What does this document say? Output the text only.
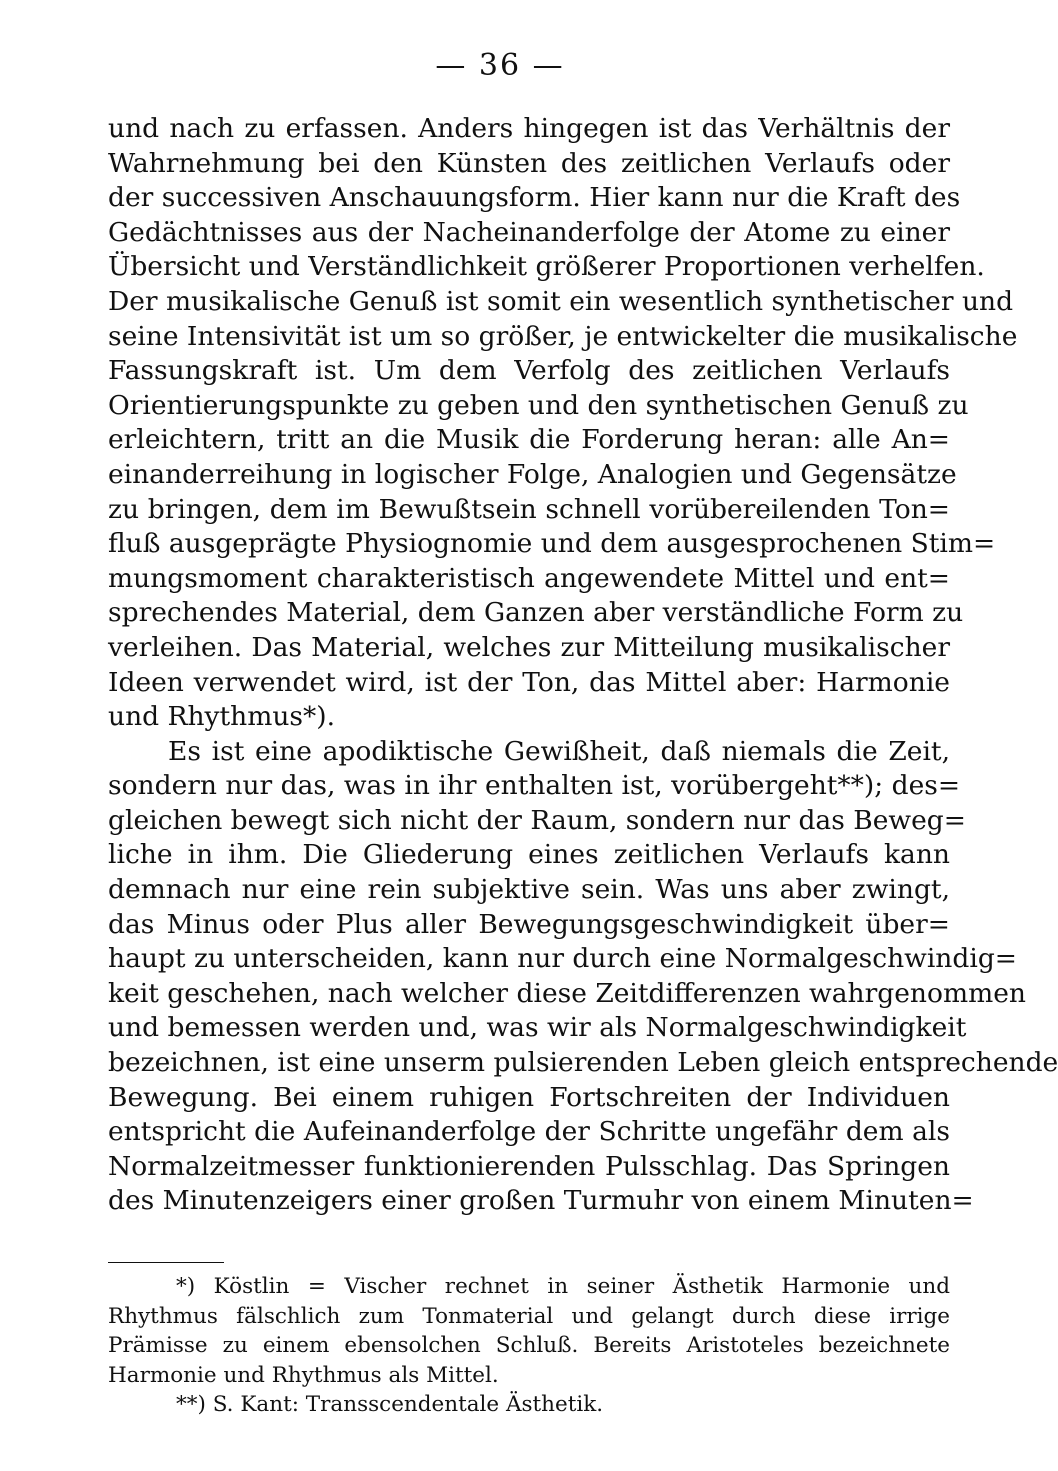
— 36 —
und nach zu erfassen. Anders hingegen ist das Verhältnis der
Wahrnehmung bei den Künsten des zeitlichen Verlaufs oder
der successiven Anschauungsform. Hier kann nur die Kraft des
Gedächtnisses aus der Nacheinanderfolge der Atome zu einer
Übersicht und Verständlichkeit größerer Proportionen verhelfen.
Der musikalische Genuß ist somit ein wesentlich synthetischer und
seine Intensivität ist um so größer, je entwickelter die musikalische
Fassungskraft ist. Um dem Verfolg des zeitlichen Verlaufs
Orientierungspunkte zu geben und den synthetischen Genuß zu
erleichtern, tritt an die Musik die Forderung heran: alle An=
einanderreihung in logischer Folge, Analogien und Gegensätze
zu bringen, dem im Bewußtsein schnell vorübereilenden Ton=
fluß ausgeprägte Physiognomie und dem ausgesprochenen Stim=
mungsmoment charakteristisch angewendete Mittel und ent=
sprechendes Material, dem Ganzen aber verständliche Form zu
verleihen. Das Material, welches zur Mitteilung musikalischer
Ideen verwendet wird, ist der Ton, das Mittel aber: Harmonie
und Rhythmus*).
Es ist eine apodiktische Gewißheit, daß niemals die Zeit,
sondern nur das, was in ihr enthalten ist, vorübergeht**); des=
gleichen bewegt sich nicht der Raum, sondern nur das Beweg=
liche in ihm. Die Gliederung eines zeitlichen Verlaufs kann
demnach nur eine rein subjektive sein. Was uns aber zwingt,
das Minus oder Plus aller Bewegungsgeschwindigkeit über=
haupt zu unterscheiden, kann nur durch eine Normalgeschwindig=
keit geschehen, nach welcher diese Zeitdifferenzen wahrgenommen
und bemessen werden und, was wir als Normalgeschwindigkeit
bezeichnen, ist eine unserm pulsierenden Leben gleich entsprechende
Bewegung. Bei einem ruhigen Fortschreiten der Individuen
entspricht die Aufeinanderfolge der Schritte ungefähr dem als
Normalzeitmesser funktionierenden Pulsschlag. Das Springen
des Minutenzeigers einer großen Turmuhr von einem Minuten=
*) Köstlin = Vischer rechnet in seiner Ästhetik Harmonie und
Rhythmus fälschlich zum Tonmaterial und gelangt durch diese irrige
Prämisse zu einem ebensolchen Schluß. Bereits Aristoteles bezeichnete
Harmonie und Rhythmus als Mittel.
**) S. Kant: Transscendentale Ästhetik.
